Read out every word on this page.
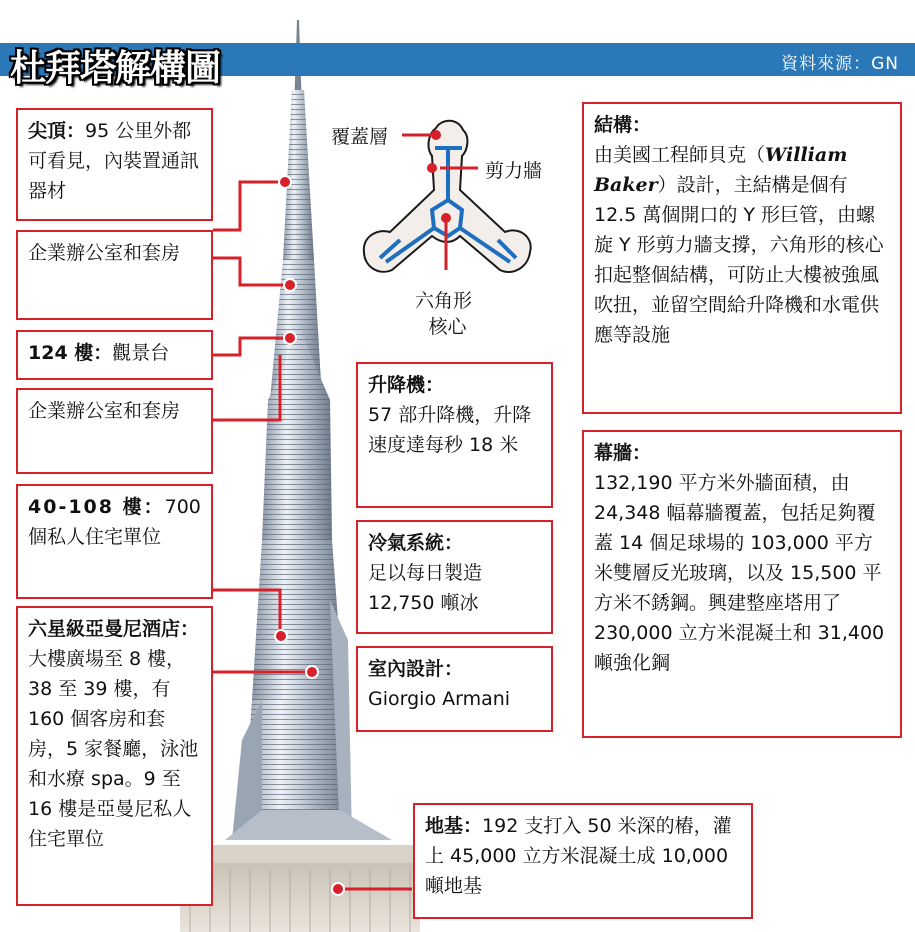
杜拜塔解構圖	資料來源：GN
覆蓋層
剪力牆
六角形
核心
尖頂：95 公里外都可看見，內裝置通訊器材
企業辦公室和套房
124 樓：觀景台
企業辦公室和套房
40-108 樓：700 個私人住宅單位
六星級亞曼尼酒店：大樓廣場至 8 樓，38 至 39 樓，有 160 個客房和套房，5 家餐廳，泳池和水療 spa。9 至 16 樓是亞曼尼私人住宅單位
升降機：
57 部升降機，升降速度達每秒 18 米
冷氣系統：
足以每日製造 12,750 噸冰
室內設計：
Giorgio Armani
結構：
由美國工程師貝克（William Baker）設計，主結構是個有 12.5 萬個開口的 Y 形巨管，由螺旋 Y 形剪力牆支撐，六角形的核心扣起整個結構，可防止大樓被強風吹扭，並留空間給升降機和水電供應等設施
幕牆：
132,190 平方米外牆面積，由 24,348 幅幕牆覆蓋，包括足夠覆蓋 14 個足球場的 103,000 平方米雙層反光玻璃，以及 15,500 平方米不銹鋼。興建整座塔用了 230,000 立方米混凝土和 31,400 噸強化鋼
地基：192 支打入 50 米深的樁，灌上 45,000 立方米混凝土成 10,000 噸地基
